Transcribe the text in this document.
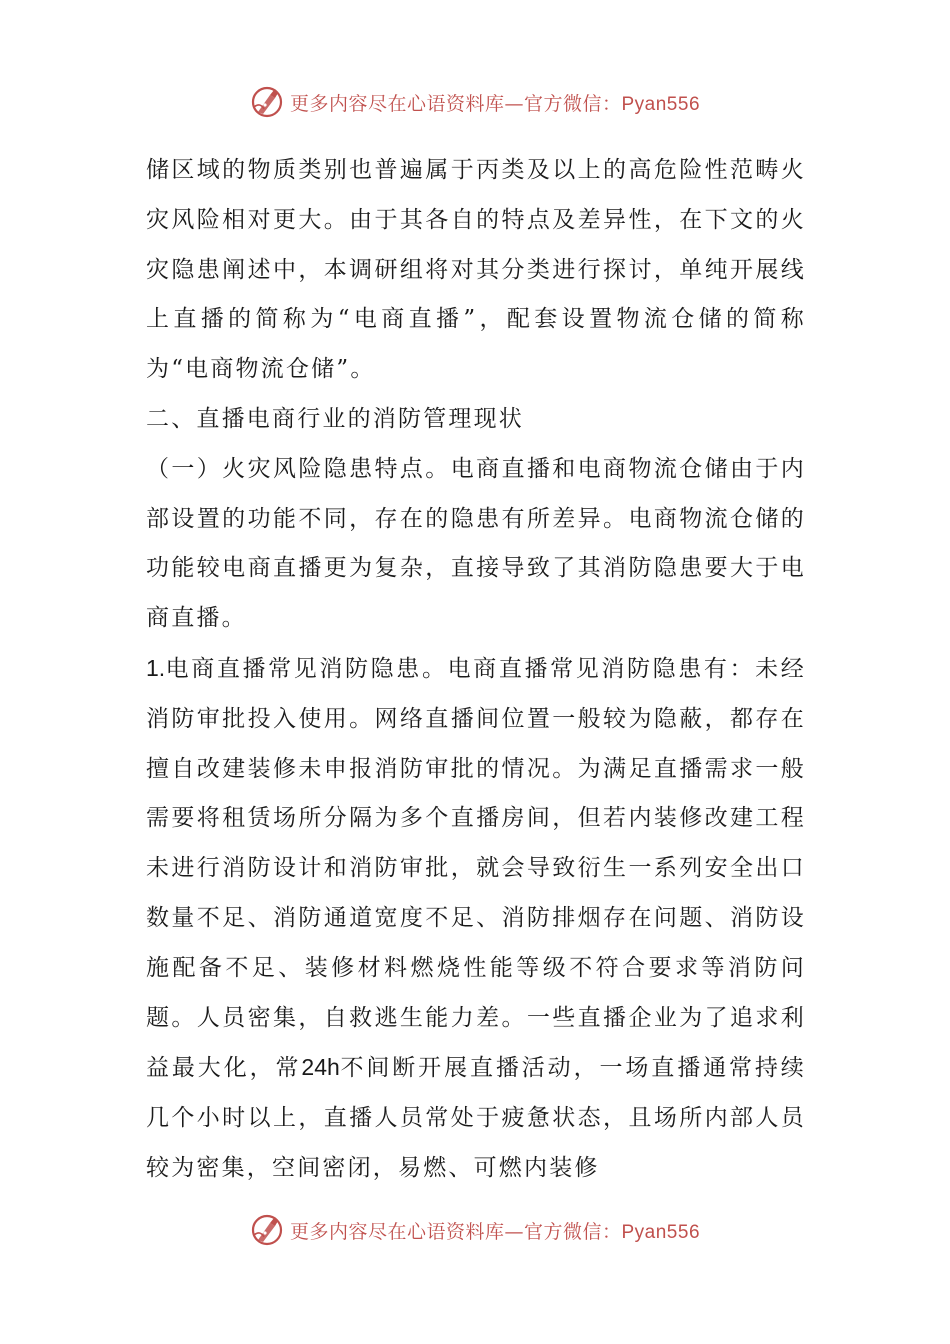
更多内容尽在心语资料库—官方微信：Pyan556

储区域的物质类别也普遍属于丙类及以上的高危险性范畴火灾风险相对更大。由于其各自的特点及差异性，在下文的火灾隐患阐述中，本调研组将对其分类进行探讨，单纯开展线上直播的简称为“电商直播”，配套设置物流仓储的简称为“电商物流仓储”。

二、直播电商行业的消防管理现状

（一）火灾风险隐患特点。电商直播和电商物流仓储由于内部设置的功能不同，存在的隐患有所差异。电商物流仓储的功能较电商直播更为复杂，直接导致了其消防隐患要大于电商直播。

1.电商直播常见消防隐患。电商直播常见消防隐患有：未经消防审批投入使用。网络直播间位置一般较为隐蔽，都存在擅自改建装修未申报消防审批的情况。为满足直播需求一般需要将租赁场所分隔为多个直播房间，但若内装修改建工程未进行消防设计和消防审批，就会导致衍生一系列安全出口数量不足、消防通道宽度不足、消防排烟存在问题、消防设施配备不足、装修材料燃烧性能等级不符合要求等消防问题。人员密集，自救逃生能力差。一些直播企业为了追求利益最大化，常24h不间断开展直播活动，一场直播通常持续几个小时以上，直播人员常处于疲惫状态，且场所内部人员较为密集，空间密闭，易燃、可燃内装修

更多内容尽在心语资料库—官方微信：Pyan556
